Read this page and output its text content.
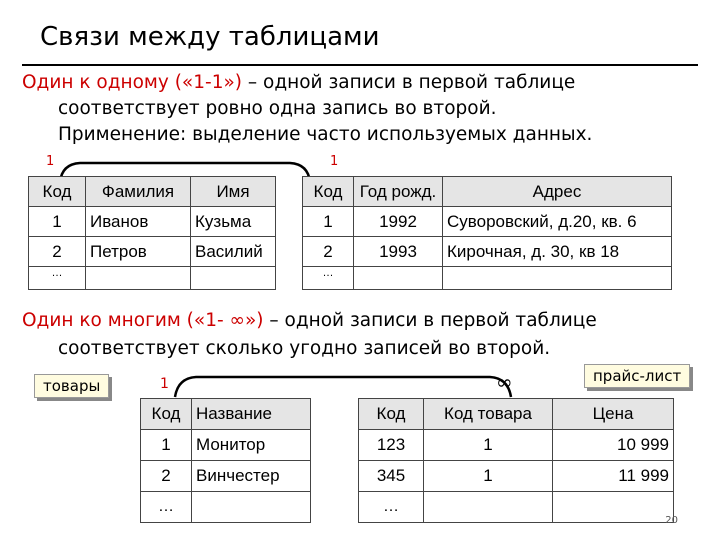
Связи между таблицами
Один к одному («1-1») – одной записи в первой таблице
соответствует ровно одна запись во второй.
Применение: выделение часто используемых данных.
1	1
Код	Фамилия	Имя
1	Иванов	Кузьма
2	Петров	Василий
…		
Код	Год рожд.	Адрес
1	1992	Суворовский, д.20, кв. 6
2	1993	Кирочная, д. 30, кв 18
…		
Один ко многим («1- ∞») – одной записи в первой таблице
соответствует сколько угодно записей во второй.
1	∞
товары
прайс-лист
Код	Название
1	Монитор
2	Винчестер
…	
Код	Код товара	Цена
123	1	10 999
345	1	11 999
…		
20
